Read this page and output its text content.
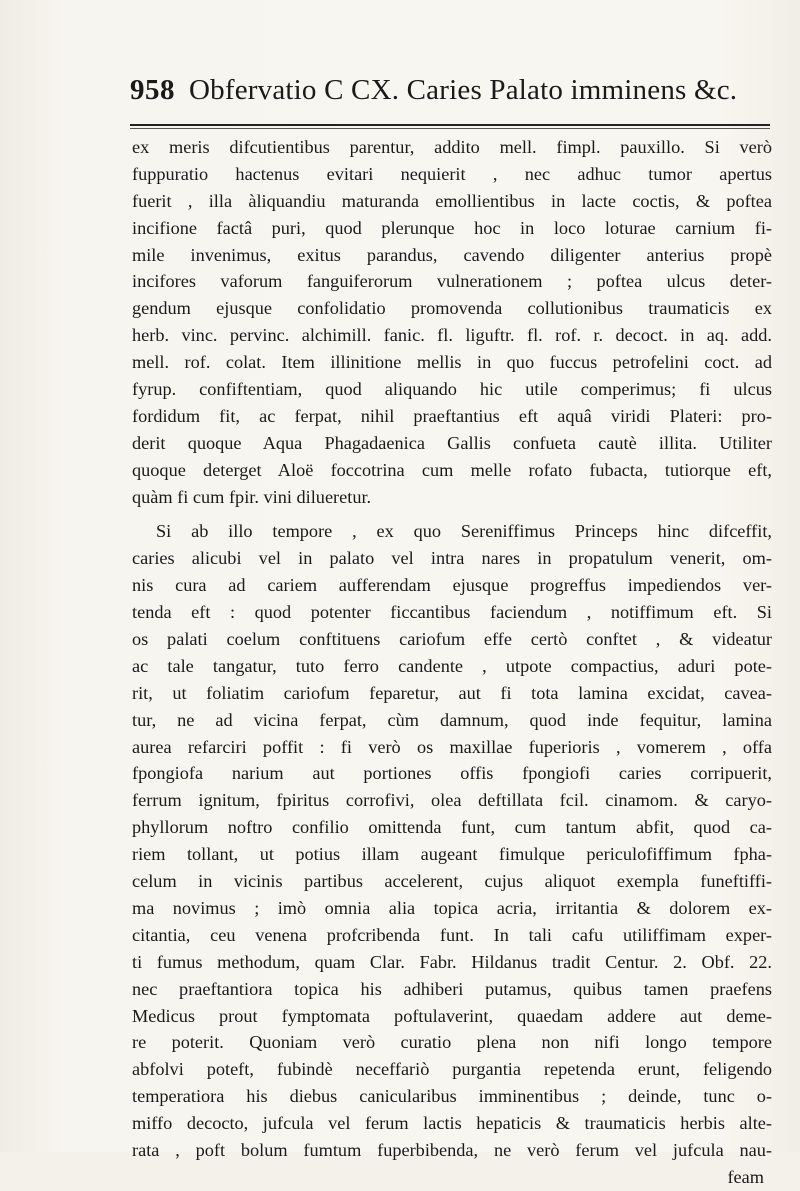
958 Obfervatio C CX. Caries Palato imminens &c.
ex meris difcutientibus parentur, addito mell. fimpl. pauxillo. Si verò
fuppuratio hactenus evitari nequierit , nec adhuc tumor apertus
fuerit , illa àliquandiu maturanda emollientibus in lacte coctis, & poftea
incifione factâ puri, quod plerunque hoc in loco loturae carnium fi-
mile invenimus, exitus parandus, cavendo diligenter anterius propè
incifores vaforum fanguiferorum vulnerationem ; poftea ulcus deter-
gendum ejusque confolidatio promovenda collutionibus traumaticis ex
herb. vinc. pervinc. alchimill. fanic. fl. liguftr. fl. rof. r. decoct. in aq. add.
mell. rof. colat. Item illinitione mellis in quo fuccus petrofelini coct. ad
fyrup. confiftentiam, quod aliquando hic utile comperimus; fi ulcus
fordidum fit, ac ferpat, nihil praeftantius eft aquâ viridi Plateri: pro-
derit quoque Aqua Phagadaenica Gallis confueta cautè illita. Utiliter
quoque deterget Aloë foccotrina cum melle rofato fubacta, tutiorque eft,
quàm fi cum fpir. vini dilueretur.
Si ab illo tempore , ex quo Sereniffimus Princeps hinc difceffit,
caries alicubi vel in palato vel intra nares in propatulum venerit, om-
nis cura ad cariem aufferendam ejusque progreffus impediendos ver-
tenda eft : quod potenter ficcantibus faciendum , notiffimum eft. Si
os palati coelum conftituens cariofum effe certò conftet , & videatur
ac tale tangatur, tuto ferro candente , utpote compactius, aduri pote-
rit, ut foliatim cariofum feparetur, aut fi tota lamina excidat, cavea-
tur, ne ad vicina ferpat, cùm damnum, quod inde fequitur, lamina
aurea refarciri poffit : fi verò os maxillae fuperioris , vomerem , offa
fpongiofa narium aut portiones offis fpongiofi caries corripuerit,
ferrum ignitum, fpiritus corrofivi, olea deftillata fcil. cinamom. & caryo-
phyllorum noftro confilio omittenda funt, cum tantum abfit, quod ca-
riem tollant, ut potius illam augeant fimulque periculofiffimum fpha-
celum in vicinis partibus accelerent, cujus aliquot exempla funeftiffi-
ma novimus ; imò omnia alia topica acria, irritantia & dolorem ex-
citantia, ceu venena profcribenda funt. In tali cafu utiliffimam exper-
ti fumus methodum, quam Clar. Fabr. Hildanus tradit Centur. 2. Obf. 22.
nec praeftantiora topica his adhiberi putamus, quibus tamen praefens
Medicus prout fymptomata poftulaverint, quaedam addere aut deme-
re poterit. Quoniam verò curatio plena non nifi longo tempore
abfolvi poteft, fubindè neceffariò purgantia repetenda erunt, feligendo
temperatiora his diebus canicularibus imminentibus ; deinde, tunc o-
miffo decocto, jufcula vel ferum lactis hepaticis & traumaticis herbis alte-
rata , poft bolum fumtum fuperbibenda, ne verò ferum vel jufcula nau-
feam
